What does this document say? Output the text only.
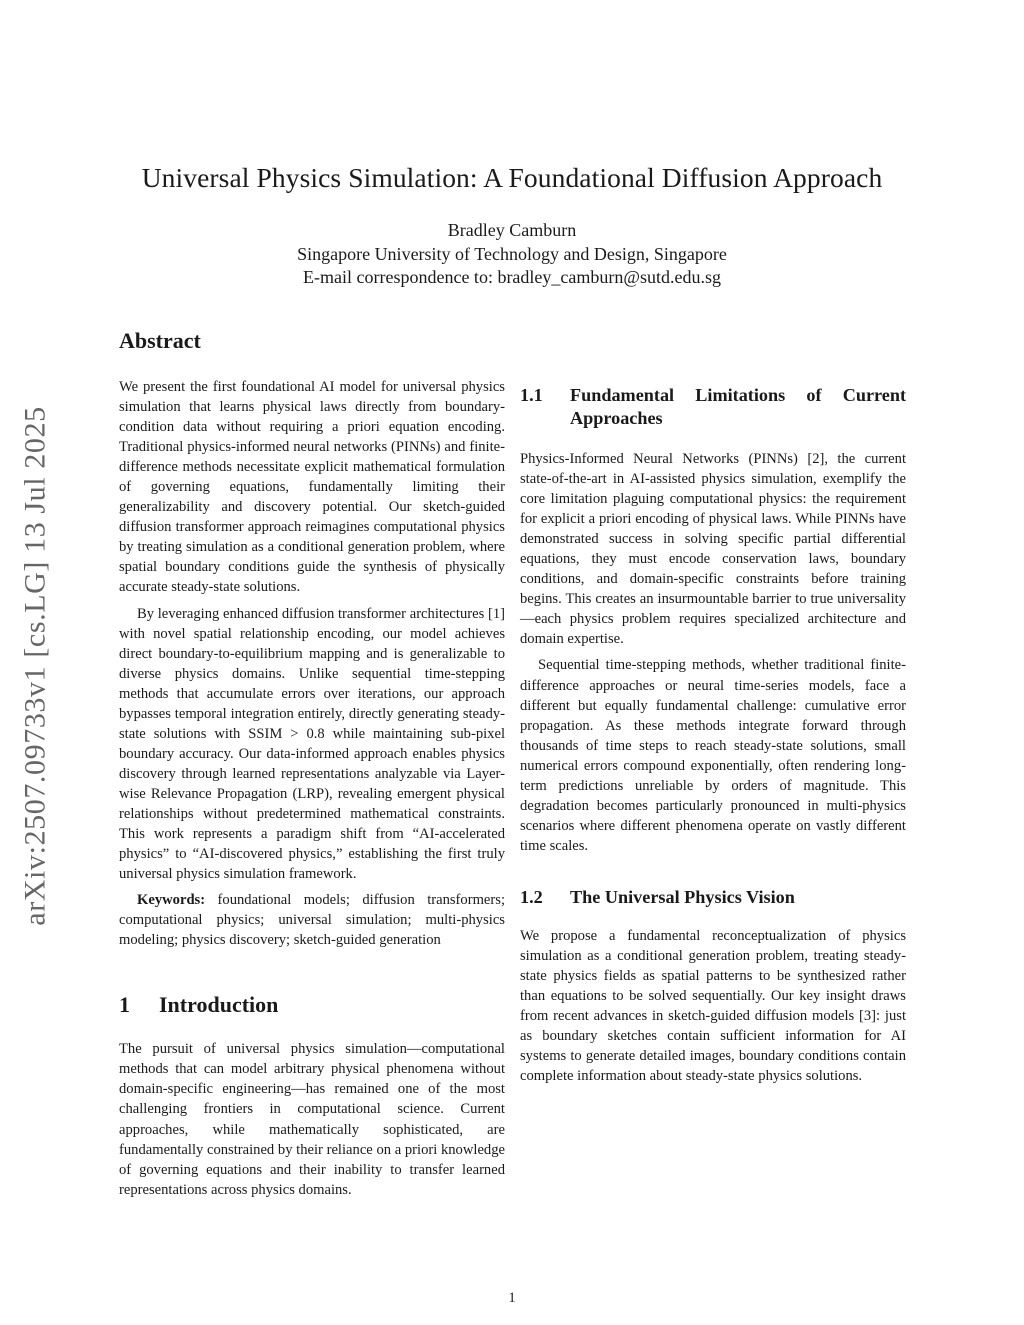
Universal Physics Simulation: A Foundational Diffusion Approach
Bradley Camburn
Singapore University of Technology and Design, Singapore
E-mail correspondence to: bradley_camburn@sutd.edu.sg
arXiv:2507.09733v1 [cs.LG] 13 Jul 2025
Abstract

We present the first foundational AI model for universal physics simulation that learns physical laws directly from boundary-condition data without requiring a priori equation encoding. Traditional physics-informed neural networks (PINNs) and finite-difference methods necessitate explicit mathematical formulation of governing equations, fundamentally limiting their generalizability and discovery potential. Our sketch-guided diffusion transformer approach reimagines computational physics by treating simulation as a conditional generation problem, where spatial boundary conditions guide the synthesis of physically accurate steady-state solutions.

By leveraging enhanced diffusion transformer architectures [1] with novel spatial relationship encoding, our model achieves direct boundary-to-equilibrium mapping and is generalizable to diverse physics domains. Unlike sequential time-stepping methods that accumulate errors over iterations, our approach bypasses temporal integration entirely, directly generating steady-state solutions with SSIM > 0.8 while maintaining sub-pixel boundary accuracy. Our data-informed approach enables physics discovery through learned representations analyzable via Layer-wise Relevance Propagation (LRP), revealing emergent physical relationships without predetermined mathematical constraints. This work represents a paradigm shift from “AI-accelerated physics” to “AI-discovered physics,” establishing the first truly universal physics simulation framework.

Keywords: foundational models; diffusion transformers; computational physics; universal simulation; multi-physics modeling; physics discovery; sketch-guided generation

1 Introduction

The pursuit of universal physics simulation—computational methods that can model arbitrary physical phenomena without domain-specific engineering—has remained one of the most challenging frontiers in computational science. Current approaches, while mathematically sophisticated, are fundamentally constrained by their reliance on a priori knowledge of governing equations and their inability to transfer learned representations across physics domains.

1.1	Fundamental Limitations of Current Approaches

Physics-Informed Neural Networks (PINNs) [2], the current state-of-the-art in AI-assisted physics simulation, exemplify the core limitation plaguing computational physics: the requirement for explicit a priori encoding of physical laws. While PINNs have demonstrated success in solving specific partial differential equations, they must encode conservation laws, boundary conditions, and domain-specific constraints before training begins. This creates an insurmountable barrier to true universality—each physics problem requires specialized architecture and domain expertise.

Sequential time-stepping methods, whether traditional finite-difference approaches or neural time-series models, face a different but equally fundamental challenge: cumulative error propagation. As these methods integrate forward through thousands of time steps to reach steady-state solutions, small numerical errors compound exponentially, often rendering long-term predictions unreliable by orders of magnitude. This degradation becomes particularly pronounced in multi-physics scenarios where different phenomena operate on vastly different time scales.

1.2	The Universal Physics Vision

We propose a fundamental reconceptualization of physics simulation as a conditional generation problem, treating steady-state physics fields as spatial patterns to be synthesized rather than equations to be solved sequentially. Our key insight draws from recent advances in sketch-guided diffusion models [3]: just as boundary sketches contain sufficient information for AI systems to generate detailed images, boundary conditions contain complete information about steady-state physics solutions.

1
